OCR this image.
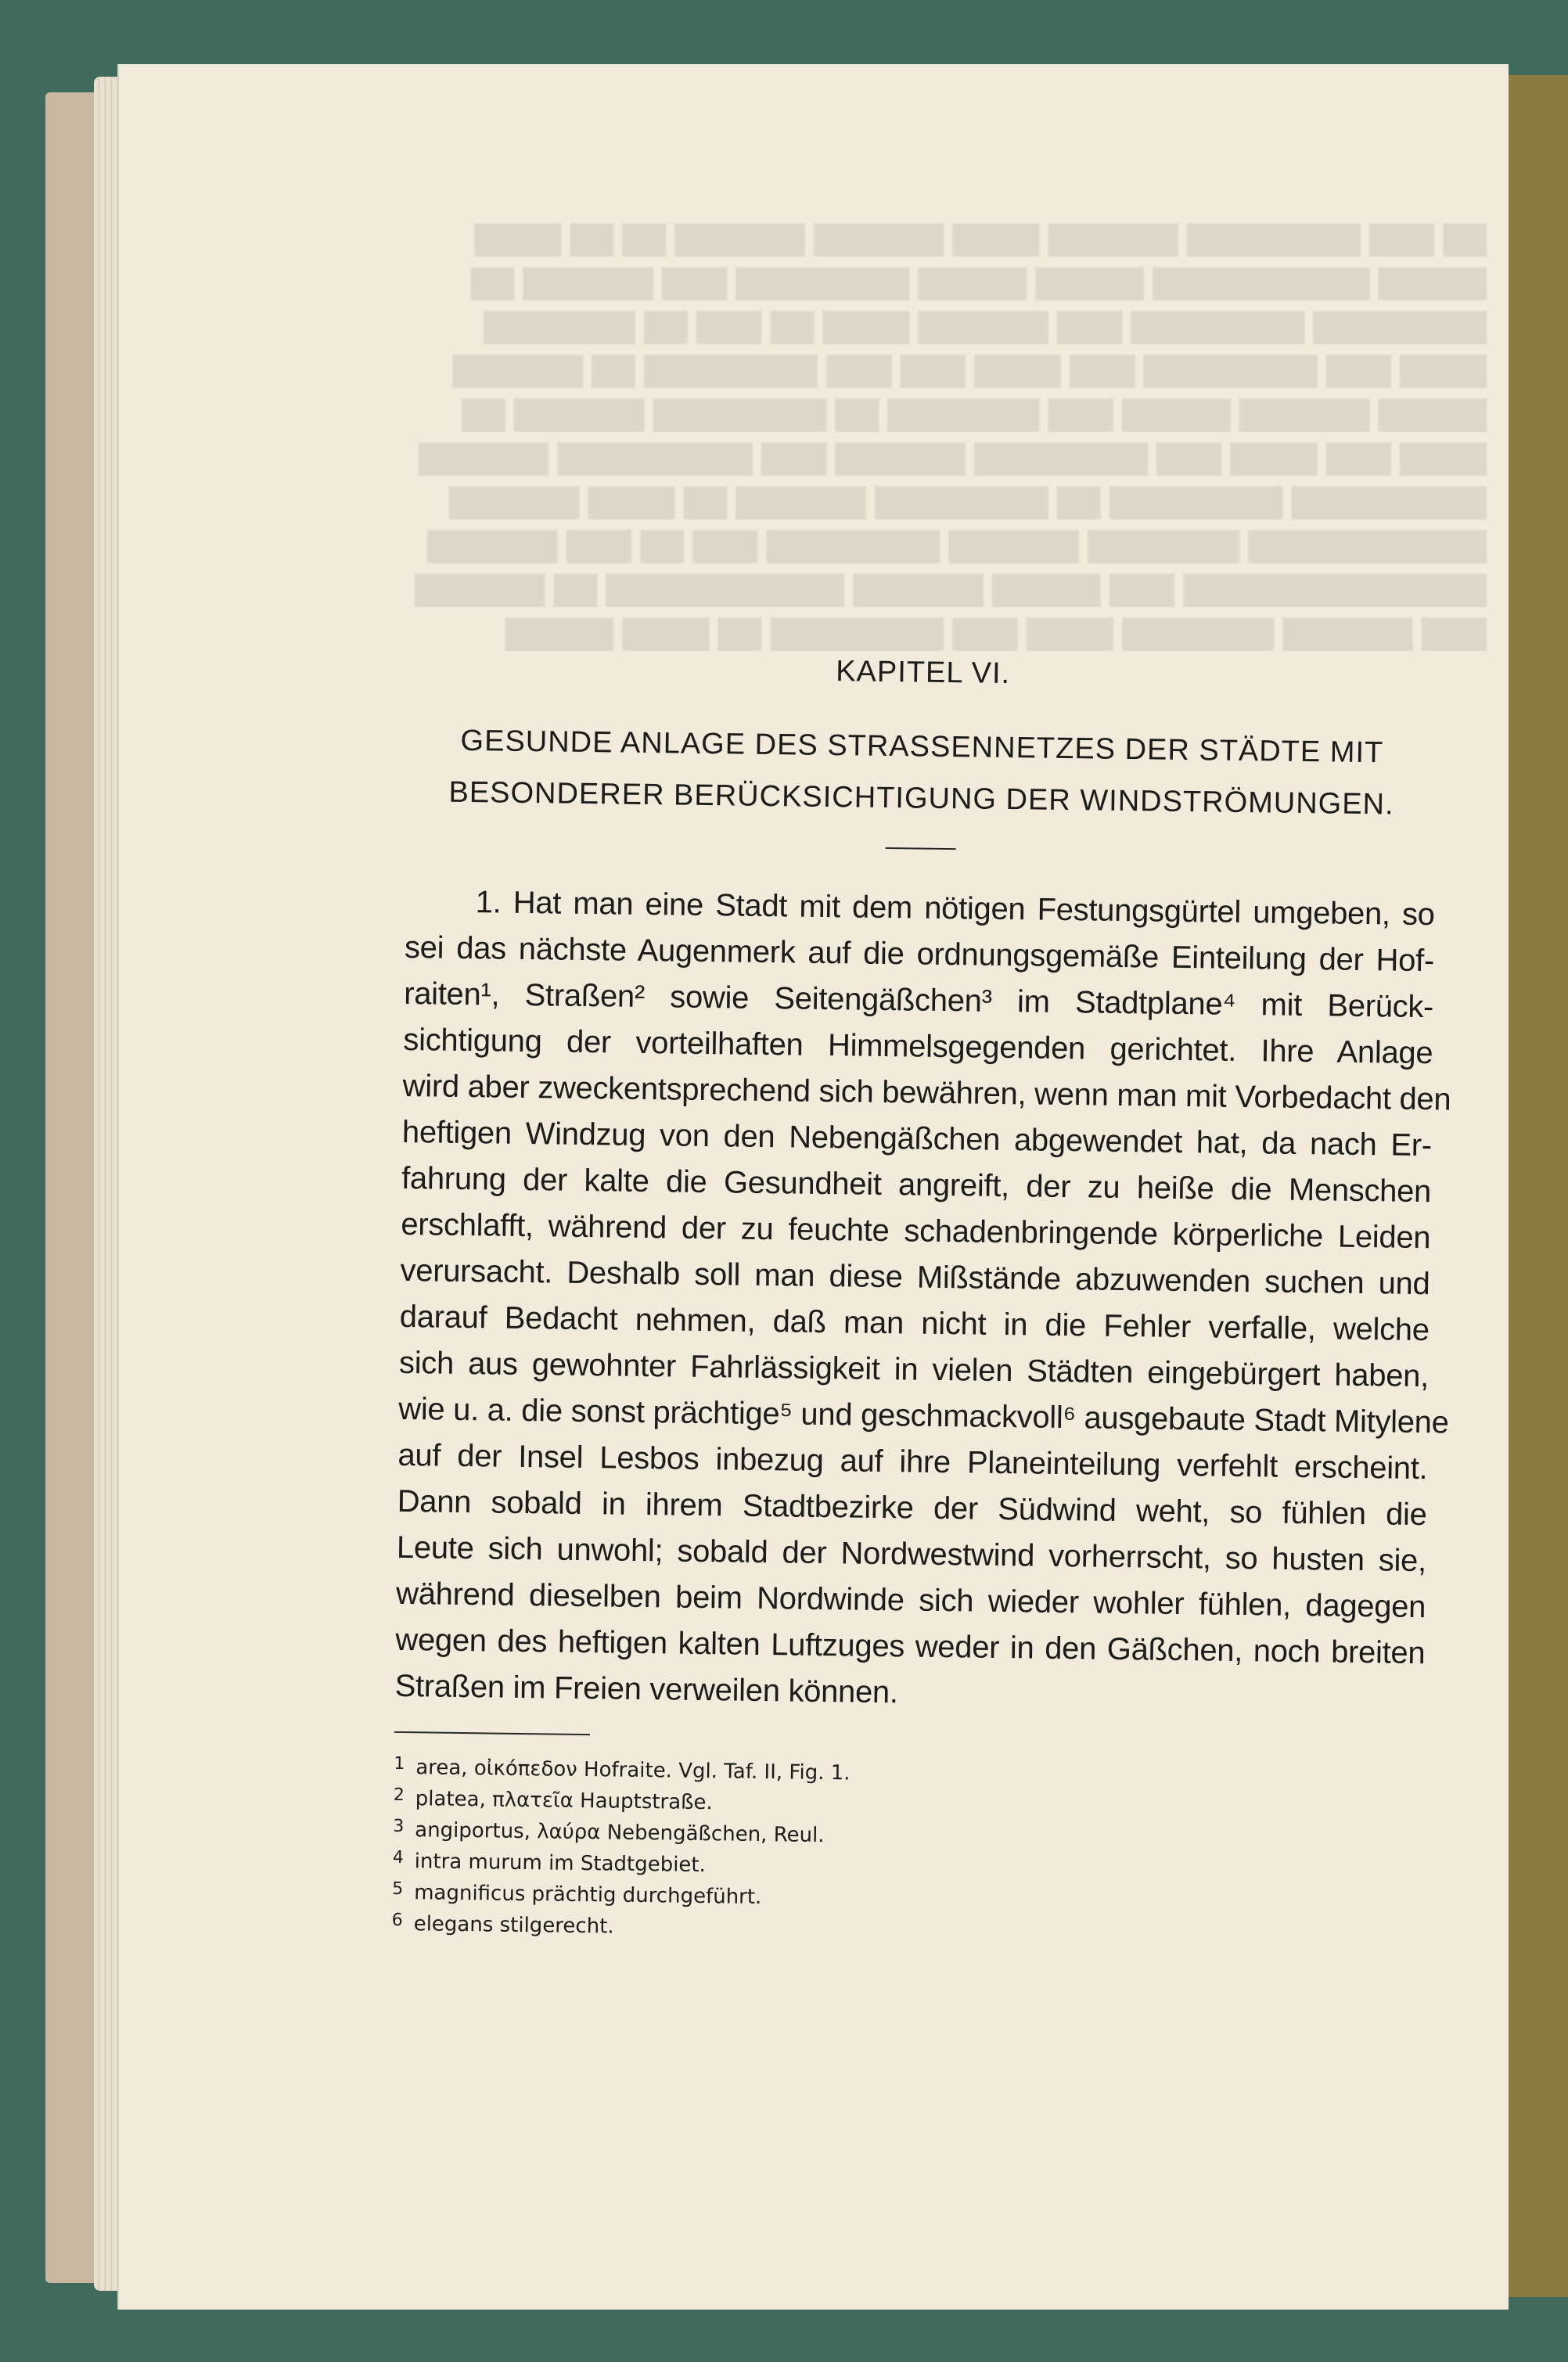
██ ███ ████████ ██████ ████ ██████ ██████ ██ ██ ████
█████ ██████████ █████ █████ ████████ ███ ██████ ██
████████ ████████ ███ ██████ ████ ██ ███ ██ ███████
████ ███ ████████ ███ ████ ███ ███ ████████ ██ ██████
█████ ██████ █████ ███ ███████ ██ ████████ ██████ ██
████ ███ ████ ███ ████████ ██████ ███ █████████ ██████
█████████ ████████ ██ ████████ ██████ ██ ████ ██████
███████████ ███████ ██████ ████████ ███ ██ ███ ██████
██████████████ ███ █████ ██████ ███████████ ██ ██████
███ ██████ ███████ ████ ███ ████████ ██ ████ █████
KAPITEL VI.
GESUNDE ANLAGE DES STRASSENNETZES DER STÄDTE MIT
BESONDERER BERÜCKSICHTIGUNG DER WINDSTRÖMUNGEN.
1. Hat man eine Stadt mit dem nötigen Festungsgürtel umgeben, so
sei das nächste Augenmerk auf die ordnungsgemäße Einteilung der Hof-
raiten¹, Straßen² sowie Seitengäßchen³ im Stadtplane⁴ mit Berück-
sichtigung der vorteilhaften Himmelsgegenden gerichtet. Ihre Anlage
wird aber zweckentsprechend sich bewähren, wenn man mit Vorbedacht den
heftigen Windzug von den Nebengäßchen abgewendet hat, da nach Er-
fahrung der kalte die Gesundheit angreift, der zu heiße die Menschen
erschlafft, während der zu feuchte schadenbringende körperliche Leiden
verursacht. Deshalb soll man diese Mißstände abzuwenden suchen und
darauf Bedacht nehmen, daß man nicht in die Fehler verfalle, welche
sich aus gewohnter Fahrlässigkeit in vielen Städten eingebürgert haben,
wie u. a. die sonst prächtige⁵ und geschmackvoll⁶ ausgebaute Stadt Mitylene
auf der Insel Lesbos inbezug auf ihre Planeinteilung verfehlt erscheint.
Dann sobald in ihrem Stadtbezirke der Südwind weht, so fühlen die
Leute sich unwohl; sobald der Nordwestwind vorherrscht, so husten sie,
während dieselben beim Nordwinde sich wieder wohler fühlen, dagegen
wegen des heftigen kalten Luftzuges weder in den Gäßchen, noch breiten
Straßen im Freien verweilen können.
1 area, οἰκόπεδον Hofraite. Vgl. Taf. II, Fig. 1.
2 platea, πλατεῖα Hauptstraße.
3 angiportus, λαύρα Nebengäßchen, Reul.
4 intra murum im Stadtgebiet.
5 magnificus prächtig durchgeführt.
6 elegans stilgerecht.
